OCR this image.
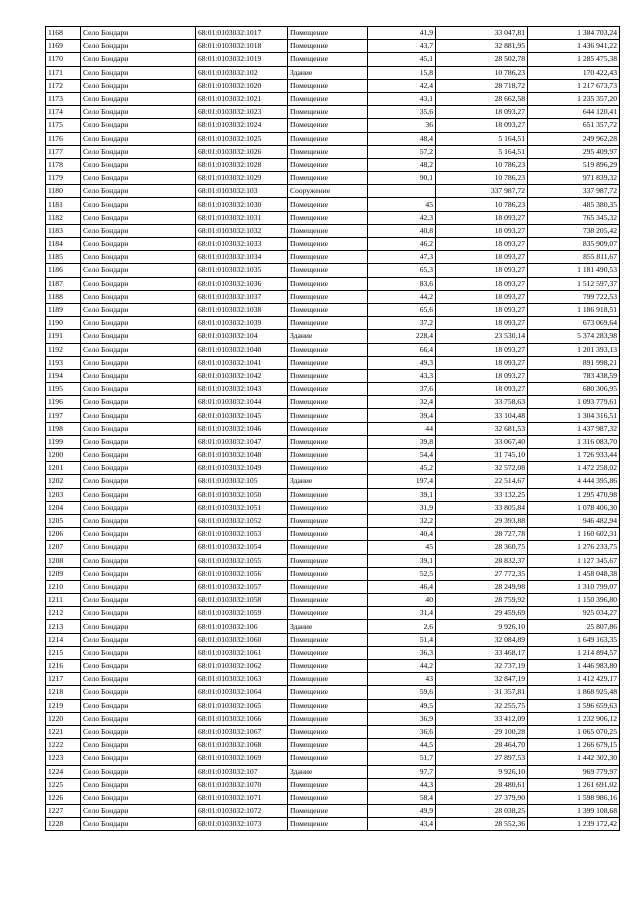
1168	Село Бондари	68:01:0103032:1017	Помещение	41,9	33 047,81	1 384 703,24
1169	Село Бондари	68:01:0103032:1018	Помещение	43,7	32 881,95	1 436 941,22
1170	Село Бондари	68:01:0103032:1019	Помещение	45,1	28 502,78	1 285 475,38
1171	Село Бондари	68:01:0103032:102	Здание	15,8	10 786,23	170 422,43
1172	Село Бондари	68:01:0103032:1020	Помещение	42,4	28 718,72	1 217 673,73
1173	Село Бондари	68:01:0103032:1021	Помещение	43,1	28 662,58	1 235 357,20
1174	Село Бондари	68:01:0103032:1023	Помещение	35,6	18 093,27	644 120,41
1175	Село Бондари	68:01:0103032:1024	Помещение	36	18 093,27	651 357,72
1176	Село Бондари	68:01:0103032:1025	Помещение	48,4	5 164,51	249 962,28
1177	Село Бондари	68:01:0103032:1026	Помещение	57,2	5 164,51	295 409,97
1178	Село Бондари	68:01:0103032:1028	Помещение	48,2	10 786,23	519 896,29
1179	Село Бондари	68:01:0103032:1029	Помещение	90,1	10 786,23	971 839,32
1180	Село Бондари	68:01:0103032:103	Сооружение		337 987,72	337 987,72
1181	Село Бондари	68:01:0103032:1030	Помещение	45	10 786,23	485 380,35
1182	Село Бондари	68:01:0103032:1031	Помещение	42,3	18 093,27	765 345,32
1183	Село Бондари	68:01:0103032:1032	Помещение	40,8	18 093,27	738 205,42
1184	Село Бондари	68:01:0103032:1033	Помещение	46,2	18 093,27	835 909,07
1185	Село Бондари	68:01:0103032:1034	Помещение	47,3	18 093,27	855 811,67
1186	Село Бондари	68:01:0103032:1035	Помещение	65,3	18 093,27	1 181 490,53
1187	Село Бондари	68:01:0103032:1036	Помещение	83,6	18 093,27	1 512 597,37
1188	Село Бондари	68:01:0103032:1037	Помещение	44,2	18 093,27	799 722,53
1189	Село Бондари	68:01:0103032:1038	Помещение	65,6	18 093,27	1 186 918,51
1190	Село Бондари	68:01:0103032:1039	Помещение	37,2	18 093,27	673 069,64
1191	Село Бондари	68:01:0103032:104	Здание	228,4	23 530,14	5 374 283,98
1192	Село Бондари	68:01:0103032:1040	Помещение	66,4	18 093,27	1 201 393,13
1193	Село Бондари	68:01:0103032:1041	Помещение	49,3	18 093,27	891 998,21
1194	Село Бондари	68:01:0103032:1042	Помещение	43,3	18 093,27	783 438,59
1195	Село Бондари	68:01:0103032:1043	Помещение	37,6	18 093,27	680 306,95
1196	Село Бондари	68:01:0103032:1044	Помещение	32,4	33 758,63	1 093 779,61
1197	Село Бондари	68:01:0103032:1045	Помещение	39,4	33 104,48	1 304 316,51
1198	Село Бондари	68:01:0103032:1046	Помещение	44	32 681,53	1 437 987,32
1199	Село Бондари	68:01:0103032:1047	Помещение	39,8	33 067,40	1 316 083,70
1200	Село Бондари	68:01:0103032:1048	Помещение	54,4	31 745,10	1 726 933,44
1201	Село Бондари	68:01:0103032:1049	Помещение	45,2	32 572,08	1 472 258,02
1202	Село Бондари	68:01:0103032:105	Здание	197,4	22 514,67	4 444 395,86
1203	Село Бондари	68:01:0103032:1050	Помещение	39,1	33 132,25	1 295 470,98
1204	Село Бондари	68:01:0103032:1051	Помещение	31,9	33 805,84	1 078 406,30
1205	Село Бондари	68:01:0103032:1052	Помещение	32,2	29 393,88	946 482,94
1206	Село Бондари	68:01:0103032:1053	Помещение	40,4	28 727,78	1 160 602,31
1207	Село Бондари	68:01:0103032:1054	Помещение	45	28 360,75	1 276 233,75
1208	Село Бондари	68:01:0103032:1055	Помещение	39,1	28 832,37	1 127 345,67
1209	Село Бондари	68:01:0103032:1056	Помещение	52,5	27 772,35	1 458 048,38
1210	Село Бондари	68:01:0103032:1057	Помещение	46,4	28 249,98	1 310 799,07
1211	Село Бондари	68:01:0103032:1058	Помещение	40	28 759,92	1 150 396,80
1212	Село Бондари	68:01:0103032:1059	Помещение	31,4	29 459,69	925 034,27
1213	Село Бондари	68:01:0103032:106	Здание	2,6	9 926,10	25 807,86
1214	Село Бондари	68:01:0103032:1060	Помещение	51,4	32 084,89	1 649 163,35
1215	Село Бондари	68:01:0103032:1061	Помещение	36,3	33 468,17	1 214 894,57
1216	Село Бондари	68:01:0103032:1062	Помещение	44,2	32 737,19	1 446 983,80
1217	Село Бондари	68:01:0103032:1063	Помещение	43	32 847,19	1 412 429,17
1218	Село Бондари	68:01:0103032:1064	Помещение	59,6	31 357,81	1 868 925,48
1219	Село Бондари	68:01:0103032:1065	Помещение	49,5	32 255,75	1 596 659,63
1220	Село Бондари	68:01:0103032:1066	Помещение	36,9	33 412,09	1 232 906,12
1221	Село Бондари	68:01:0103032:1067	Помещение	36,6	29 100,28	1 065 070,25
1222	Село Бондари	68:01:0103032:1068	Помещение	44,5	28 464,70	1 266 679,15
1223	Село Бондари	68:01:0103032:1069	Помещение	51,7	27 897,53	1 442 302,30
1224	Село Бондари	68:01:0103032:107	Здание	97,7	9 926,10	969 779,97
1225	Село Бондари	68:01:0103032:1070	Помещение	44,3	28 480,61	1 261 691,02
1226	Село Бондари	68:01:0103032:1071	Помещение	58,4	27 379,90	1 598 986,16
1227	Село Бондари	68:01:0103032:1072	Помещение	49,9	28 038,25	1 399 108,68
1228	Село Бондари	68:01:0103032:1073	Помещение	43,4	28 552,36	1 239 172,42
